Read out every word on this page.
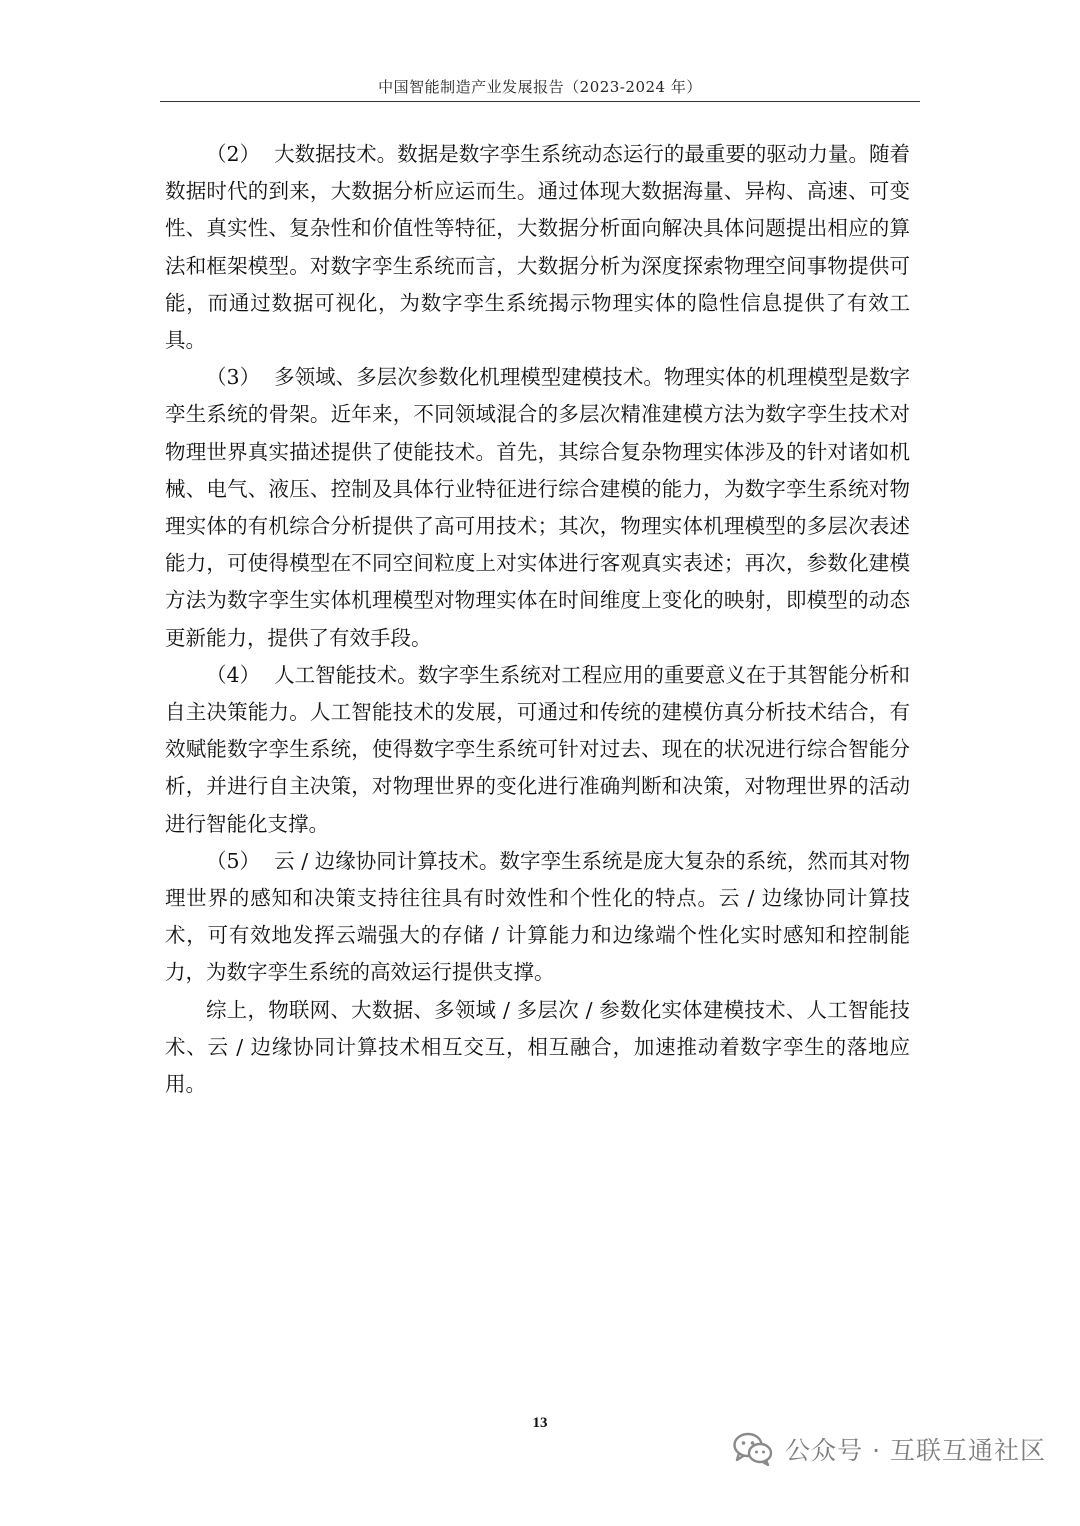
中国智能制造产业发展报告（2023-2024 年）

（2） 大数据技术。数据是数字孪生系统动态运行的最重要的驱动力量。随着数据时代的到来，大数据分析应运而生。通过体现大数据海量、异构、高速、可变性、真实性、复杂性和价值性等特征，大数据分析面向解决具体问题提出相应的算法和框架模型。对数字孪生系统而言，大数据分析为深度探索物理空间事物提供可能，而通过数据可视化，为数字孪生系统揭示物理实体的隐性信息提供了有效工具。

（3） 多领域、多层次参数化机理模型建模技术。物理实体的机理模型是数字孪生系统的骨架。近年来，不同领域混合的多层次精准建模方法为数字孪生技术对物理世界真实描述提供了使能技术。首先，其综合复杂物理实体涉及的针对诸如机械、电气、液压、控制及具体行业特征进行综合建模的能力，为数字孪生系统对物理实体的有机综合分析提供了高可用技术；其次，物理实体机理模型的多层次表述能力，可使得模型在不同空间粒度上对实体进行客观真实表述；再次，参数化建模方法为数字孪生实体机理模型对物理实体在时间维度上变化的映射，即模型的动态更新能力，提供了有效手段。

（4） 人工智能技术。数字孪生系统对工程应用的重要意义在于其智能分析和自主决策能力。人工智能技术的发展，可通过和传统的建模仿真分析技术结合，有效赋能数字孪生系统，使得数字孪生系统可针对过去、现在的状况进行综合智能分析，并进行自主决策，对物理世界的变化进行准确判断和决策，对物理世界的活动进行智能化支撑。

（5） 云 / 边缘协同计算技术。数字孪生系统是庞大复杂的系统，然而其对物理世界的感知和决策支持往往具有时效性和个性化的特点。云 / 边缘协同计算技术，可有效地发挥云端强大的存储 / 计算能力和边缘端个性化实时感知和控制能力，为数字孪生系统的高效运行提供支撑。

综上，物联网、大数据、多领域 / 多层次 / 参数化实体建模技术、人工智能技术、云 / 边缘协同计算技术相互交互，相互融合，加速推动着数字孪生的落地应用。

13
公众号 · 互联互通社区
